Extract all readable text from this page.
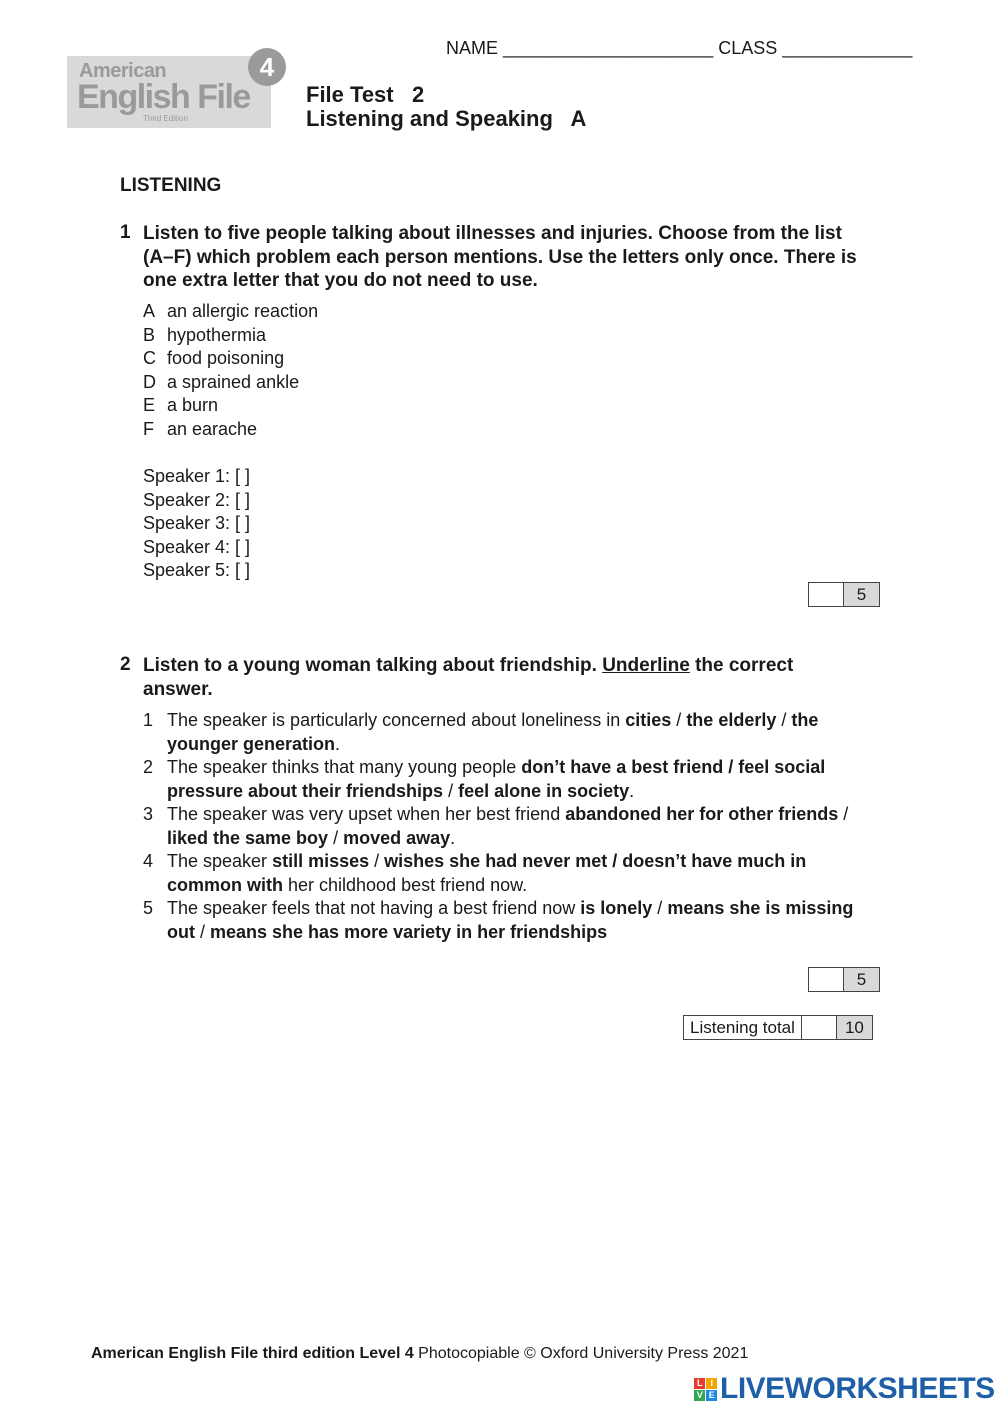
American
English File
Third Edition
4
NAME _____________________ CLASS _____________
File Test   2
Listening and Speaking   A
LISTENING
1 Listen to five people talking about illnesses and injuries. Choose from the list (A–F) which problem each person mentions. Use the letters only once. There is one extra letter that you do not need to use.
A an allergic reaction
B hypothermia
C food poisoning
D a sprained ankle
E a burn
F an earache
Speaker 1: [ ]
Speaker 2: [ ]
Speaker 3: [ ]
Speaker 4: [ ]
Speaker 5: [ ]
5
2 Listen to a young woman talking about friendship. Underline the correct answer.
1 The speaker is particularly concerned about loneliness in cities / the elderly / the younger generation.
2 The speaker thinks that many young people don’t have a best friend / feel social pressure about their friendships / feel alone in society.
3 The speaker was very upset when her best friend abandoned her for other friends / liked the same boy / moved away.
4 The speaker still misses / wishes she had never met / doesn’t have much in common with her childhood best friend now.
5 The speaker feels that not having a best friend now is lonely / means she is missing out / means she has more variety in her friendships
5
Listening total	10
American English File third edition Level 4 Photocopiable © Oxford University Press 2021
L I
V E LIVEWORKSHEETS
